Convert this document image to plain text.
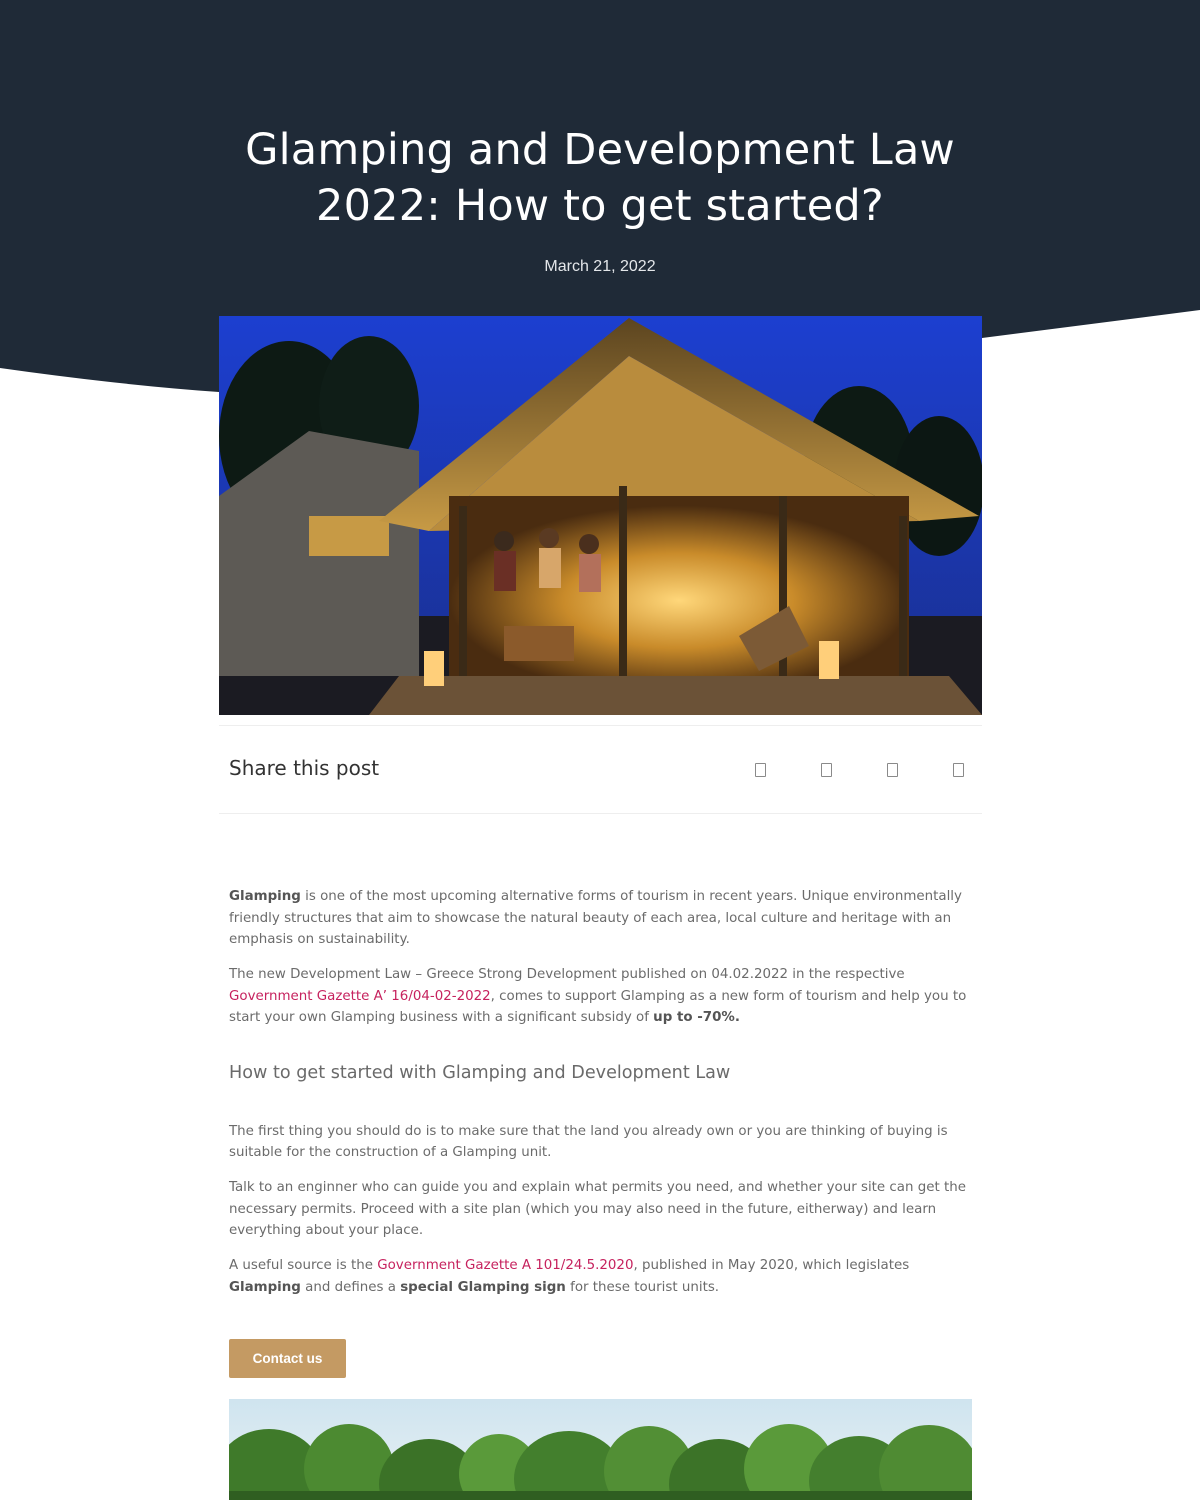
Glamping and Development Law 2022: How to get started?
March 21, 2022
Share this post

Glamping is one of the most upcoming alternative forms of tourism in recent years. Unique environmentally friendly structures that aim to showcase the natural beauty of each area, local culture and heritage with an emphasis on sustainability.

The new Development Law – Greece Strong Development published on 04.02.2022 in the respective Government Gazette A’ 16/04-02-2022, comes to support Glamping as a new form of tourism and help you to start your own Glamping business with a significant subsidy of up to -70%.

How to get started with Glamping and Development Law

The first thing you should do is to make sure that the land you already own or you are thinking of buying is suitable for the construction of a Glamping unit.

Talk to an enginner who can guide you and explain what permits you need, and whether your site can get the necessary permits. Proceed with a site plan (which you may also need in the future, eitherway) and learn everything about your place.

A useful source is the Government Gazette A 101/24.5.2020, published in May 2020, which legislates Glamping and defines a special Glamping sign for these tourist units.

Contact us
